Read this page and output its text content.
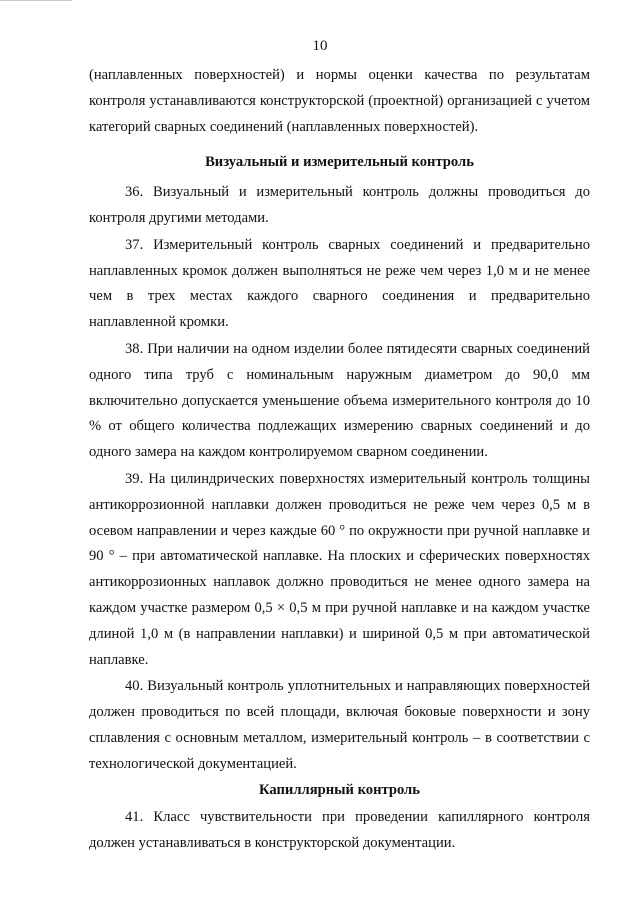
10

(наплавленных поверхностей) и нормы оценки качества по результатам контроля устанавливаются конструкторской (проектной) организацией с учетом категорий сварных соединений (наплавленных поверхностей).

Визуальный и измерительный контроль

36. Визуальный и измерительный контроль должны проводиться до контроля другими методами.

37. Измерительный контроль сварных соединений и предварительно наплавленных кромок должен выполняться не реже чем через 1,0 м и не менее чем в трех местах каждого сварного соединения и предварительно наплавленной кромки.

38. При наличии на одном изделии более пятидесяти сварных соединений одного типа труб с номинальным наружным диаметром до 90,0 мм включительно допускается уменьшение объема измерительного контроля до 10 % от общего количества подлежащих измерению сварных соединений и до одного замера на каждом контролируемом сварном соединении.

39. На цилиндрических поверхностях измерительный контроль толщины антикоррозионной наплавки должен проводиться не реже чем через 0,5 м в осевом направлении и через каждые 60 ° по окружности при ручной наплавке и 90 ° – при автоматической наплавке. На плоских и сферических поверхностях антикоррозионных наплавок должно проводиться не менее одного замера на каждом участке размером 0,5 × 0,5 м при ручной наплавке и на каждом участке длиной 1,0 м (в направлении наплавки) и шириной 0,5 м при автоматической наплавке.

40. Визуальный контроль уплотнительных и направляющих поверхностей должен проводиться по всей площади, включая боковые поверхности и зону сплавления с основным металлом, измерительный контроль – в соответствии с технологической документацией.

Капиллярный контроль

41. Класс чувствительности при проведении капиллярного контроля должен устанавливаться в конструкторской документации.
